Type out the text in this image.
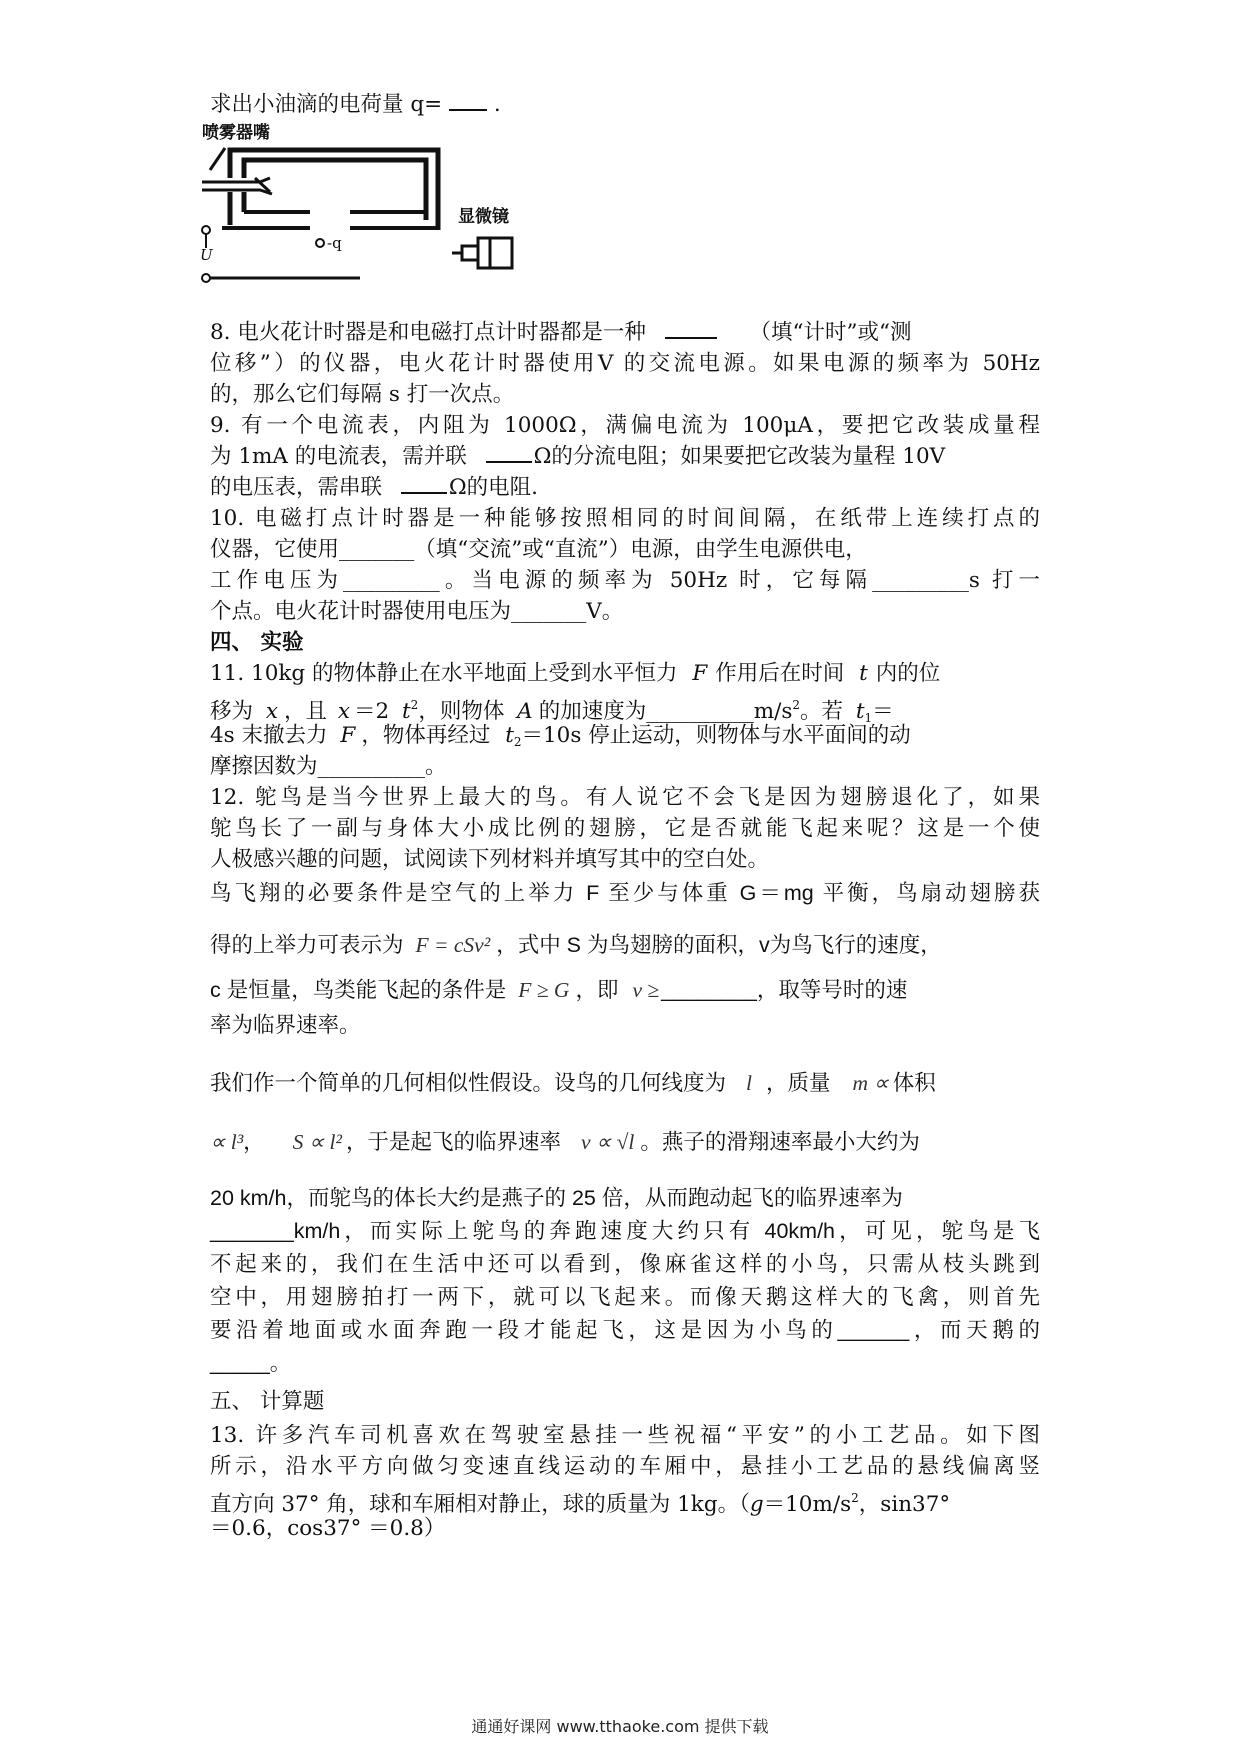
求出小油滴的电荷量 q= .
喷雾器嘴
U
-q
显微镜
8. 电火花计时器是和电磁打点计时器都是一种	（填“计时”或“测
位移”）的仪器，电火花计时器使用V 的交流电源。如果电源的频率为 50Hz
的，那么它们每隔 s 打一次点。
9. 有一个电流表，内阻为 1000Ω，满偏电流为 100μA，要把它改装成量程
为 1mA 的电流表，需并联	Ω的分流电阻；如果要把它改装为量程 10V
的电压表，需串联	Ω的电阻.
10. 电磁打点计时器是一种能够按照相同的时间间隔，在纸带上连续打点的
仪器，它使用_______（填“交流”或“直流”）电源，由学生电源供电，
工作电压为_________。当电源的频率为 50Hz 时，它每隔_________s 打一
个点。电火花计时器使用电压为_______V。
四、 实验
11. 10kg 的物体静止在水平地面上受到水平恒力 F 作用后在时间 t 内的位
移为 x ，且 x ＝2 $t^2$，则物体 A 的加速度为$\_\_\_\_\_\_\_\_\_\_m/s^2$。若 $t_1=$
4s 末撤去力 F ，物体再经过 $t_2=10s$ 停止运动，则物体与水平面间的动
摩擦因数为__________。
12. 鸵鸟是当今世界上最大的鸟。有人说它不会飞是因为翅膀退化了，如果
鸵鸟长了一副与身体大小成比例的翅膀，它是否就能飞起来呢？这是一个使
人极感兴趣的问题，试阅读下列材料并填写其中的空白处。
鸟飞翔的必要条件是空气的上举力 F 至少与体重 G＝mg 平衡，鸟扇动翅膀获
得的上举力可表示为 F = cSv² ，式中 S 为鸟翅膀的面积，v为鸟飞行的速度，
c 是恒量，鸟类能飞起的条件是 F ≥ G ，即 v ≥________，取等号时的速
率为临界速率。
我们作一个简单的几何相似性假设。设鸟的几何线度为 l ，质量 m ∝ 体积
∝ l³， S ∝ l² ，于是起飞的临界速率 v ∝ √l 。燕子的滑翔速率最小大约为
20 km/h，而鸵鸟的体长大约是燕子的 25 倍，从而跑动起飞的临界速率为
_______km/h，而实际上鸵鸟的奔跑速度大约只有 40km/h，可见，鸵鸟是飞
不起来的，我们在生活中还可以看到，像麻雀这样的小鸟，只需从枝头跳到
空中，用翅膀拍打一两下，就可以飞起来。而像天鹅这样大的飞禽，则首先
要沿着地面或水面奔跑一段才能起飞，这是因为小鸟的______，而天鹅的
_____。
五、 计算题
13. 许多汽车司机喜欢在驾驶室悬挂一些祝福“平安”的小工艺品。如下图
所示，沿水平方向做匀变速直线运动的车厢中，悬挂小工艺品的悬线偏离竖
直方向 37° 角，球和车厢相对静止，球的质量为 1kg。（$g=10m/s^2$，sin37°
＝0.6，cos37° ＝0.8）
通通好课网 www.tthaoke.com 提供下载
